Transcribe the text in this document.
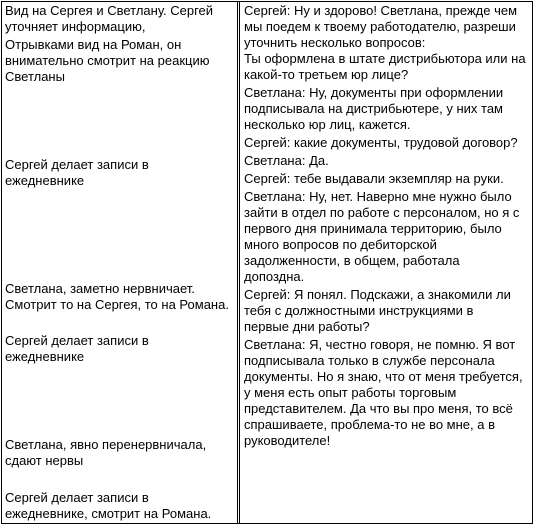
Вид на Сергея и Светлану. Сергей
уточняет информацию,
Отрывками вид на Роман, он
внимательно смотрит на реакцию
Светланы
Сергей делает записи в
ежедневнике
Светлана, заметно нервничает.
Смотрит то на Сергея, то на Романа.
Сергей делает записи в
ежедневнике
Светлана, явно перенервничала,
сдают нервы
Сергей делает записи в
ежедневнике, смотрит на Романа.
Сергей: Ну и здорово! Светлана, прежде чем
мы поедем к твоему работодателю, разреши
уточнить несколько вопросов:
Ты оформлена в штате дистрибьютора или на
какой-то третьем юр лице?
Светлана: Ну, документы при оформлении
подписывала на дистрибьютере, у них там
несколько юр лиц, кажется.
Сергей: какие документы, трудовой договор?
Светлана: Да.
Сергей: тебе выдавали экземпляр на руки.
Светлана: Ну, нет. Наверно мне нужно было
зайти в отдел по работе с персоналом, но я с
первого дня принимала территорию, было
много вопросов по дебиторской
задолженности, в общем, работала
допоздна.
Сергей: Я понял. Подскажи, а знакомили ли
тебя с должностными инструкциями в
первые дни работы?
Светлана: Я, честно говоря, не помню. Я вот
подписывала только в службе персонала
документы. Но я знаю, что от меня требуется,
у меня есть опыт работы торговым
представителем. Да что вы про меня, то всё
спрашиваете, проблема-то не во мне, а в
руководителе!
